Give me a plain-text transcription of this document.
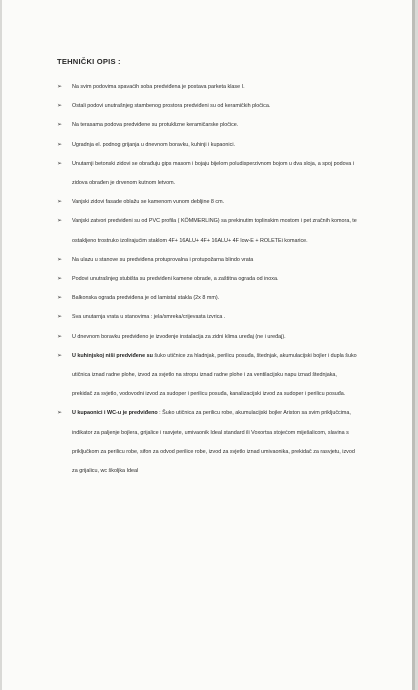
TEHNIČKI OPIS :
➢	Na svim podovima spavaćih soba predviđena je postava parketa klase I.
➢	Ostali podovi unutrašnjeg stambenog prostora predviđeni su od keramičkih pločica.
➢	Na terasama podova predviđene su protuklizne keramičarske pločice.
➢	Ugradnja el. podnog grijanja u dnevnom boravku, kuhinji i kupaonici.
➢	Unutarnji betonski zidovi se obrađuju gips masom i bojaju bijelom poludisperzivnom bojom u dva sloja, a spoj podova i zidova obrađen je drvenom kutnom letvom.
➢	Vanjski zidovi fasade oblažu se kamenom vunom debljine 8 cm.
➢	Vanjski zatvori predviđeni su od PVC profila ( KÖMMERLING) sa prekinutim toplinskim mostom i pet zračnih komora, te ostakljeno trostruko izolirajućim staklom 4F+ 16ALU+ 4F+ 16ALU+ 4F low-E + ROLETEi komarice.
➢	Na ulazu u stanove su predviđena protuprovalna i protupožarna blindo vrata
➢	Podovi unutrašnjeg stubišta su predviđeni kamene obrade, a zaštitna ograda od inoxa.
➢	Balkonska ograda predviđena je od lamistal stakla (2x 8 mm).
➢	Sva unutarnja vrata u stanovima : jela/smreka/crijevasta izvrica .
➢	U dnevnom boravku predviđeno je izvođenje instalacija za zidni klima uređaj (ne i uređaj).
➢	U kuhinjskoj niši predviđene su šuko utičnice za hladnjak, perilicu posuđa, štednjak, akumulacijski bojler i dupla šuko utičnica iznad radne plohe, izvod za svjetlo na stropu iznad radne plohe i za ventilacijsku napu iznad štednjaka, prekidač za svjetlo, vodovodni izvod za sudoper i perilicu posuđa, kanalizacijski izvod za sudoper i perilicu posuđa.
➢	U kupaonici i WC-u je predviđeno : Šuko utičnica za perilicu robe, akumulacijski bojler Ariston sa svim priključcima, indikator za paljenje bojlera, grijalice i rasvjete, umivaonik Ideal standard ili Voxortsa stojećom miješalicom, slavina s priključkom za perilicu robe, sifon za odvod perilice robe, izvod za svjetlo iznad umivaonika, prekidač za rasvjetu, izvod za grijalicu, wc školjka Ideal
